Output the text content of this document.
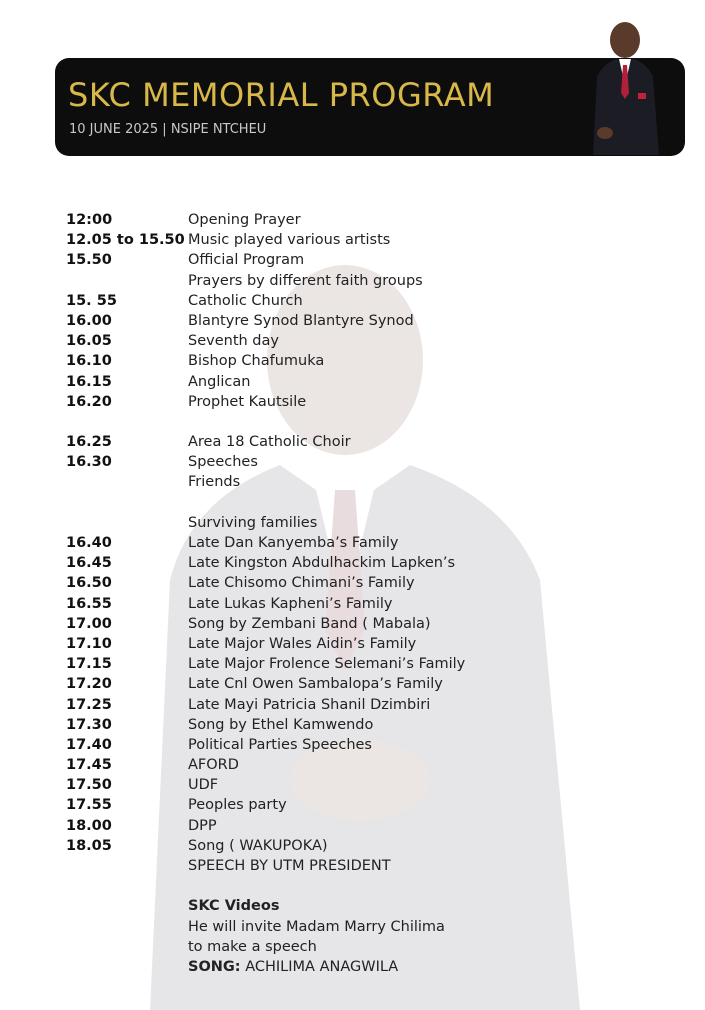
SKC MEMORIAL PROGRAM
10 JUNE 2025 | NSIPE NTCHEU
12:00	Opening Prayer
12.05 to 15.50 Music played various artists
15.50	Official Program
Prayers by different faith groups
15. 55	Catholic Church
16.00	Blantyre Synod Blantyre Synod
16.05	Seventh day
16.10	Bishop Chafumuka
16.15	Anglican
16.20	Prophet Kautsile
16.25	Area 18 Catholic Choir
16.30	Speeches
Friends
Surviving families
16.40	Late Dan Kanyemba’s Family
16.45	Late Kingston Abdulhackim Lapken’s
16.50	Late Chisomo Chimani’s Family
16.55	Late Lukas Kapheni’s Family
17.00	Song by Zembani Band ( Mabala)
17.10	Late Major Wales Aidin’s Family
17.15	Late Major Frolence Selemani’s Family
17.20	Late Cnl Owen Sambalopa’s Family
17.25	Late Mayi Patricia Shanil Dzimbiri
17.30	Song by Ethel Kamwendo
17.40	Political Parties Speeches
17.45	AFORD
17.50	UDF
17.55	Peoples party
18.00	DPP
18.05	Song ( WAKUPOKA)
SPEECH BY UTM PRESIDENT
SKC Videos
He will invite Madam Marry Chilima
to make a speech
SONG: ACHILIMA ANAGWILA
